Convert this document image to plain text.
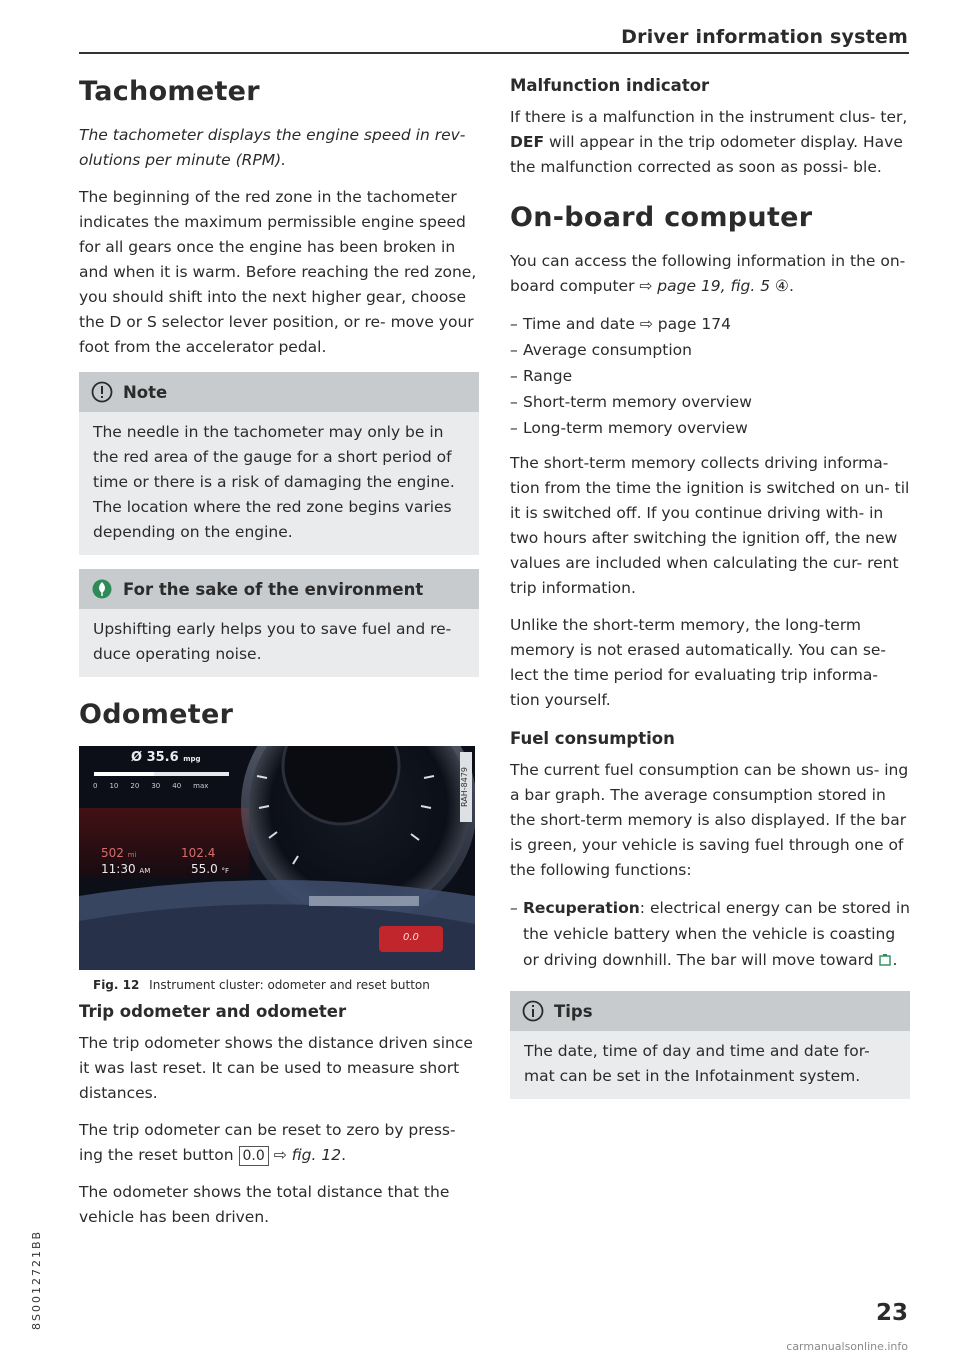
Driver information system
Tachometer

The tachometer displays the engine speed in rev- olutions per minute (RPM).

The beginning of the red zone in the tachometer indicates the maximum permissible engine speed for all gears once the engine has been broken in and when it is warm. Before reaching the red zone, you should shift into the next higher gear, choose the D or S selector lever position, or re- move your foot from the accelerator pedal.

Note
The needle in the tachometer may only be in the red area of the gauge for a short period of time or there is a risk of damaging the engine. The location where the red zone begins varies depending on the engine.
For the sake of the environment
Upshifting early helps you to save fuel and re- duce operating noise.
Odometer
Ø 35.6 mpg
0 10 20 30 40 max
502 mi
11:30 AM
102.4
55.0 °F
0.0
RAH-8479
Fig. 12 Instrument cluster: odometer and reset button
Trip odometer and odometer

The trip odometer shows the distance driven since it was last reset. It can be used to measure short distances.

The trip odometer can be reset to zero by press- ing the reset button 0.0 ⇨ fig. 12.

The odometer shows the total distance that the vehicle has been driven.

Malfunction indicator

If there is a malfunction in the instrument clus- ter, DEF will appear in the trip odometer display. Have the malfunction corrected as soon as possi- ble.

On-board computer

You can access the following information in the on-board computer ⇨ page 19, fig. 5 ④.

– Time and date ⇨ page 174
– Average consumption
– Range
– Short-term memory overview
– Long-term memory overview

The short-term memory collects driving informa- tion from the time the ignition is switched on un- til it is switched off. If you continue driving with- in two hours after switching the ignition off, the new values are included when calculating the cur- rent trip information.

Unlike the short-term memory, the long-term memory is not erased automatically. You can se- lect the time period for evaluating trip informa- tion yourself.

Fuel consumption

The current fuel consumption can be shown us- ing a bar graph. The average consumption stored in the short-term memory is also displayed. If the bar is green, your vehicle is saving fuel through one of the following functions:

– Recuperation: electrical energy can be stored in the vehicle battery when the vehicle is coasting or driving downhill. The bar will move toward .
Tips
The date, time of day and time and date for- mat can be set in the Infotainment system.
8S0012721BB	23
carmanualsonline.info
